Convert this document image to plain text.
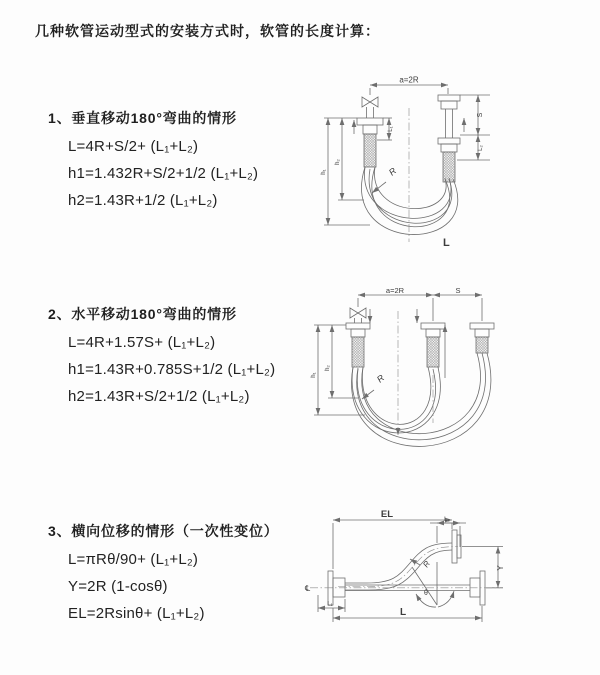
几种软管运动型式的安装方式时，软管的长度计算：
1、垂直移动180°弯曲的情形
L=4R+S/2+ (L₁+L₂)
h1=1.432R+S/2+1/2 (L₁+L₂)
h2=1.43R+1/2 (L₁+L₂)
a=2R
L₁
S
L₂
h₁
h₂
R
L
2、水平移动180°弯曲的情形
L=4R+1.57S+ (L₁+L₂)
h1=1.43R+0.785S+1/2 (L₁+L₂)
h2=1.43R+S/2+1/2 (L₁+L₂)
a=2R	S
h₁
h₂
R
3、横向位移的情形（一次性变位）
L=πRθ/90+ (L₁+L₂)
Y=2R (1-cosθ)
EL=2Rsinθ+ (L₁+L₂)
EL	L₂
Y
R
θ
℄
L₁
L
